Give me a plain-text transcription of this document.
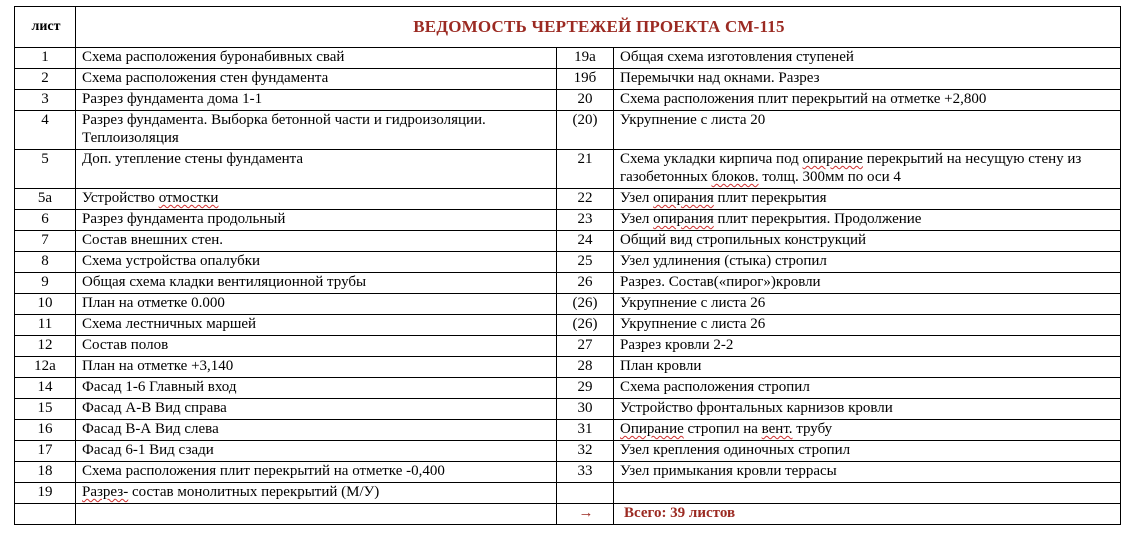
лист	ВЕДОМОСТЬ ЧЕРТЕЖЕЙ ПРОЕКТА СМ-115		
1	Схема расположения буронабивных свай	19а	Общая схема изготовления ступеней
2	Схема расположения стен фундамента	19б	Перемычки над окнами. Разрез
3	Разрез фундамента дома 1-1	20	Схема расположения плит перекрытий на отметке +2,800
4	Разрез фундамента. Выборка бетонной части и гидроизоляции. Теплоизоляция	(20)	Укрупнение с листа 20
5	Доп. утепление стены фундамента	21	Схема укладки кирпича под опирание перекрытий на несущую стену из газобетонных блоков. толщ. 300мм по оси 4
5а	Устройство отмостки	22	Узел опирания плит перекрытия
6	Разрез фундамента продольный	23	Узел опирания плит перекрытия. Продолжение
7	Состав внешних стен.	24	Общий вид стропильных конструкций
8	Схема устройства опалубки	25	Узел удлинения (стыка) стропил
9	Общая схема кладки вентиляционной трубы	26	Разрез. Состав(«пирог»)кровли
10	План на отметке 0.000	(26)	Укрупнение с листа 26
11	Схема лестничных маршей	(26)	Укрупнение с листа 26
12	Состав полов	27	Разрез кровли 2-2
12а	План на отметке +3,140	28	План кровли
14	Фасад 1-6 Главный вход	29	Схема расположения стропил
15	Фасад А-В Вид справа	30	Устройство фронтальных карнизов кровли
16	Фасад В-А Вид слева	31	Опирание стропил на вент. трубу
17	Фасад 6-1 Вид сзади	32	Узел крепления одиночных стропил
18	Схема расположения плит перекрытий на отметке -0,400	33	Узел примыкания кровли террасы
19	Разрез- состав монолитных перекрытий (М/У)		
		→	Всего: 39 листов
